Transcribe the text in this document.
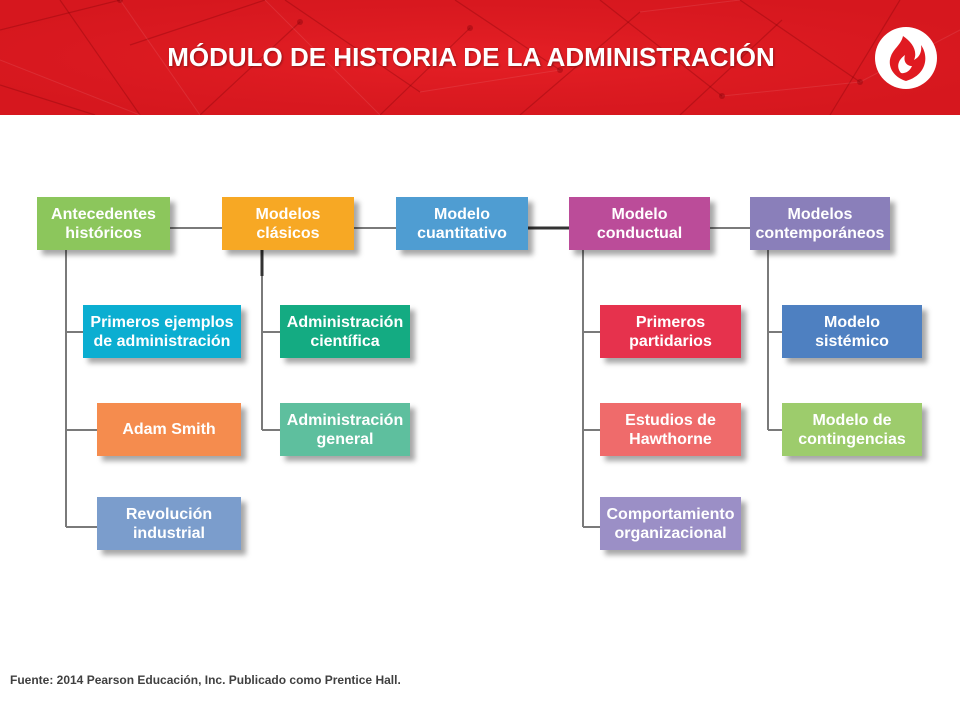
MÓDULO DE HISTORIA DE LA ADMINISTRACIÓN
Antecedentes
históricos
Modelos
clásicos
Modelo
cuantitativo
Modelo
conductual
Modelos
contemporáneos
Primeros ejemplos
de administración
Adam Smith
Revolución
industrial
Administración
científica
Administración
general
Primeros
partidarios
Estudios de
Hawthorne
Comportamiento
organizacional
Modelo
sistémico
Modelo de
contingencias
Fuente: 2014 Pearson Educación, Inc. Publicado como Prentice Hall.
